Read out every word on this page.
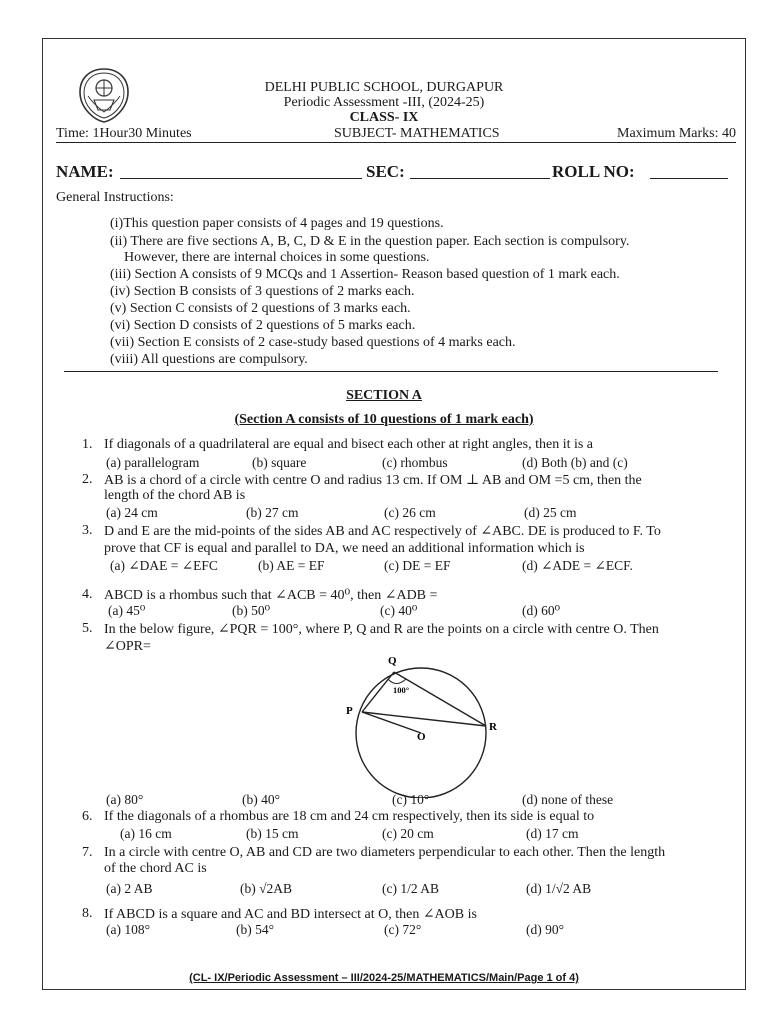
DELHI PUBLIC SCHOOL, DURGAPUR
Periodic Assessment -III, (2024-25)
CLASS- IX
Time: 1Hour30 Minutes	SUBJECT- MATHEMATICS	Maximum Marks: 40
NAME:	SEC:	ROLL NO:
General Instructions:
(i)This question paper consists of 4 pages and 19 questions.
(ii) There are five sections A, B, C, D & E in the question paper. Each section is compulsory.
However, there are internal choices in some questions.
(iii) Section A consists of 9 MCQs and 1 Assertion- Reason based question of 1 mark each.
(iv) Section B consists of 3 questions of 2 marks each.
(v) Section C consists of 2 questions of 3 marks each.
(vi) Section D consists of 2 questions of 5 marks each.
(vii) Section E consists of 2 case-study based questions of 4 marks each.
(viii) All questions are compulsory.
SECTION A
(Section A consists of 10 questions of 1 mark each)
1. If diagonals of a quadrilateral are equal and bisect each other at right angles, then it is a
(a) parallelogram	(b) square	(c) rhombus	(d) Both (b) and (c)
2. AB is a chord of a circle with centre O and radius 13 cm. If OM ⊥ AB and OM =5 cm, then the
length of the chord AB is
(a) 24 cm	(b) 27 cm	(c) 26 cm	(d) 25 cm
3. D and E are the mid-points of the sides AB and AC respectively of ∠ABC. DE is produced to F. To
prove that CF is equal and parallel to DA, we need an additional information which is
(a) ∠DAE = ∠EFC	(b) AE = EF	(c) DE = EF	(d) ∠ADE = ∠ECF.
4. ABCD is a rhombus such that ∠ACB = 40⁰, then ∠ADB =
(a) 45⁰	(b) 50⁰	(c) 40⁰	(d) 60⁰
5. In the below figure, ∠PQR = 100°, where P, Q and R are the points on a circle with centre O. Then
∠OPR=
Q
P
R
O
100°
(a) 80°	(b) 40°	(c) 10°	(d) none of these
6. If the diagonals of a rhombus are 18 cm and 24 cm respectively, then its side is equal to
(a) 16 cm	(b) 15 cm	(c) 20 cm	(d) 17 cm
7. In a circle with centre O, AB and CD are two diameters perpendicular to each other. Then the length
of the chord AC is
(a) 2 AB	(b) √2AB	(c) 1/2 AB	(d) 1/√2 AB
8. If ABCD is a square and AC and BD intersect at O, then ∠AOB is
(a) 108°	(b) 54°	(c) 72°	(d) 90°
(CL- IX/Periodic Assessment – III/2024-25/MATHEMATICS/Main/Page 1 of 4)
